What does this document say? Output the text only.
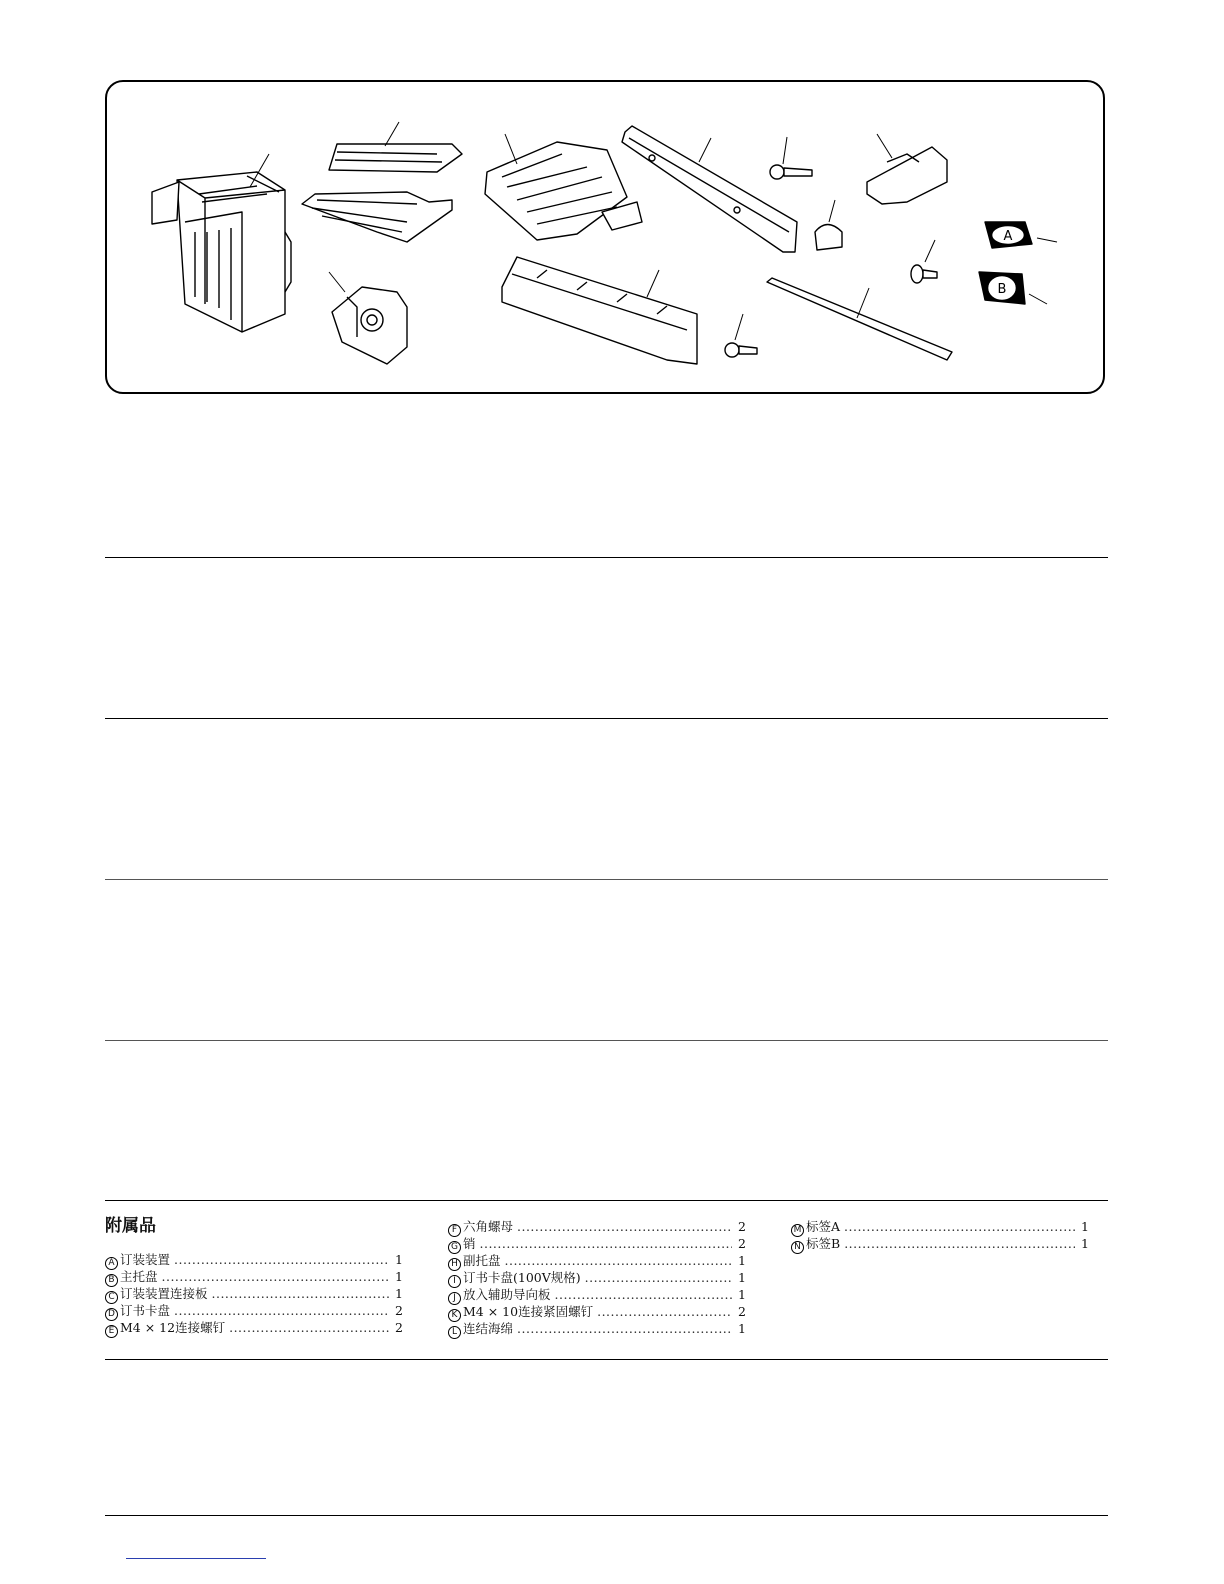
A
B
附属品
A 订装装置 .....	1
B 主托盘 .....	1
C 订装装置连接板 .....	1
D 订书卡盘 .....	2
E M4 × 12连接螺钉 .....	2
F 六角螺母 .....	2
G 销 .....	2
H 副托盘 .....	1
I 订书卡盘(100V规格) .....	1
J 放入辅助导向板 .....	1
K M4 × 10连接紧固螺钉 .....	2
L 连结海绵 .....	1
M 标签A .....	1
N 标签B .....	1
